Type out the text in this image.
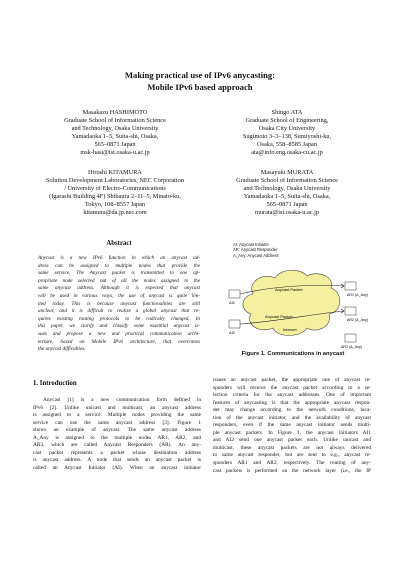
Making practical use of IPv6 anycasting:
Mobile IPv6 based approach
Masakazu HASHIMOTO
Graduate School of Information Science
and Technology, Osaka University
Yamadaoka 1–5, Suita-shi, Osaka,
565–0871 Japan
msk-hasi@ist.osaka-u.ac.jp
Shingo ATA
Graduate School of Engineering,
Osaka City University
Sugimoto 3–3–138, Sumiyoshi-ku,
Osaka, 558–8585 Japan
ata@info.eng.osaka-cu.ac.jp
Hiroshi KITAMURA
Solution Development Laboratories, NEC Corporation
/ University of Electro-Communications
(Igarashi Building 4F) Shibaura 2–11–5, Minato-ku,
Tokyo, 108–8557 Japan
kitamura@da.jp.nec.com
Masayuki MURATA
Graduate School of Information Science
and Technology, Osaka University
Yamadaoka 1–5, Suita-shi, Osaka,
565–0871 Japan
murata@ist.osaka-u.ac.jp
Abstract
Anycast is a new IPv6 function in which an anycast ad-
dress can be assigned to multiple nodes that provide the
same service. The Anycast packet is transmitted to one ap-
propriate node selected out of all the nodes assigned to the
same anycast address. Although it is expected that anycast
will be used in various ways, the use of anycast is quite lim-
ited today. This is because anycast functionalities are still
unclear, and it is difficult to realize a global anycast that re-
quires existing routing protocols to be radically changed. In
this paper, we clarify and classify some essential anycast is-
sues and propose a new and practical communication archi-
tecture, based on Mobile IPv6 architecture, that overcomes
the anycast difficulties.
1. Introduction
Anycast [1] is a new communication form defined in
IPv6 [2]. Unlike unicast and multicast, an anycast address
is assigned to a service. Multiple nodes providing the same
service can use the same anycast address [3]. Figure 1
shows an example of anycast. The same anycast address
A_Any is assigned to the multiple nodes AR1, AR2, and
AR3, which are called Anycast Responders (AR). An any-
cast packet represents a packet whose destination address
is anycast address. A node that sends an anycast packet is
called an Anycast Initiator (AI). When an anycast initiator
issues an anycast packet, the appropriate one of anycast re-
sponders will receive the anycast packet according to a se-
lection criteria for the anycast addresses. One of important
features of anycasting is that the appropriate anycast respon-
der may change according to the network conditions, loca-
tion of the anycast initiator, and the availability of anycast
responders, even if the same anycast initiator sends multi-
ple anycast packets. In Figure 1, the anycast initiators AI1
and AI2 send one anycast packet each. Unlike unicast and
multicast, these anycast packets are not always delivered
to same anycast responder, but are sent to e.g., anycast re-
sponders AR1 and AR2, respectively. The routing of any-
cast packets is performed on the network layer (i.e., the IP
AI: Anycast Initiator
AR: Anycast Responder
A_Any: Anycast Address
Anycast Packet
Anycast Packet
Internet
AI1
AI2
AR1 (A_Any)
AR2 (A_Any)
AR3 (A_Any)
Figure 1. Communications in anycast
